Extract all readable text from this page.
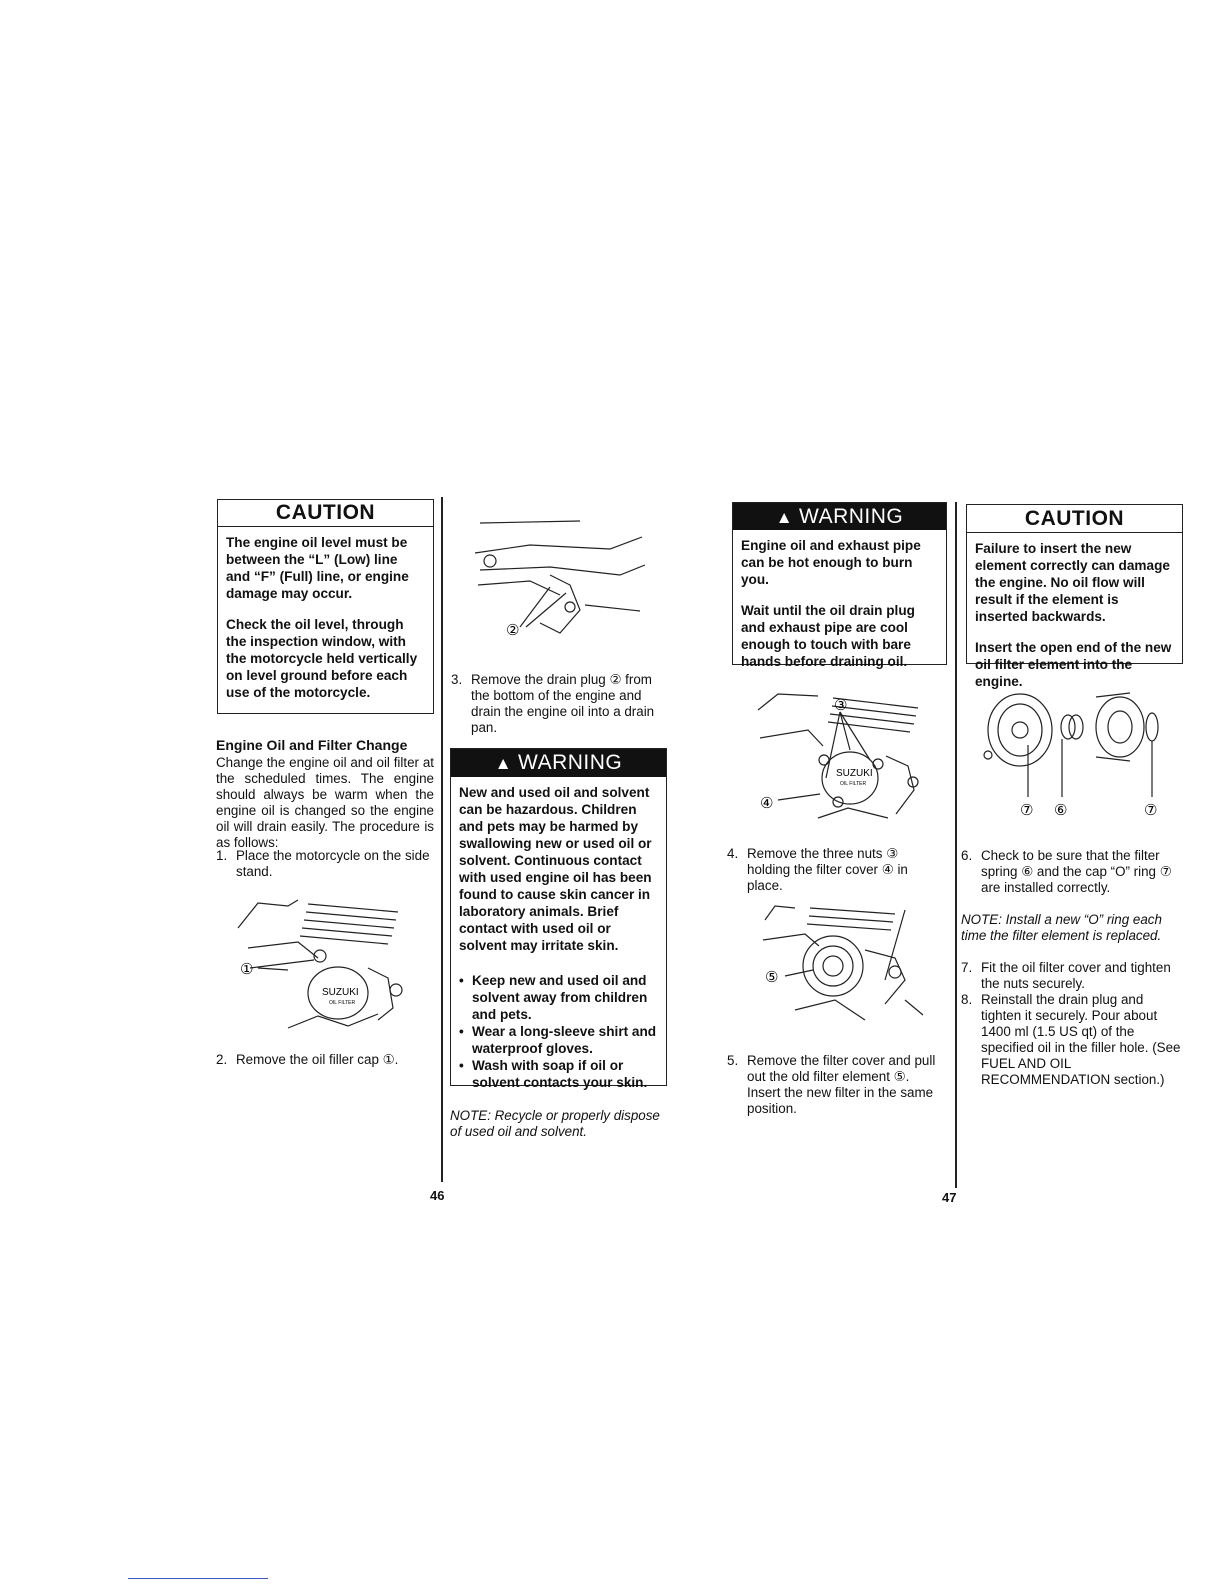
CAUTION

The engine oil level must be between the “L” (Low) line and “F” (Full) line, or engine damage may occur.

Check the oil level, through the inspection window, with the motorcycle held vertically on level ground before each use of the motorcycle.

Engine Oil and Filter Change

Change the engine oil and oil filter at the scheduled times. The engine should always be warm when the engine oil is changed so the engine oil will drain easily. The procedure is as follows:

1. Place the motorcycle on the side stand.
①
SUZUKI
OIL FILTER
2. Remove the oil filler cap ①.
②
3. Remove the drain plug ② from the bottom of the engine and drain the engine oil into a drain pan.
▲ WARNING

New and used oil and solvent can be hazardous. Children and pets may be harmed by swallowing new or used oil or solvent. Continuous contact with used engine oil has been found to cause skin cancer in laboratory animals. Brief contact with used oil or solvent may irritate skin.

• Keep new and used oil and solvent away from children and pets.
• Wear a long-sleeve shirt and waterproof gloves.
• Wash with soap if oil or solvent contacts your skin.
NOTE: Recycle or properly dispose of used oil and solvent.
46
▲ WARNING

Engine oil and exhaust pipe can be hot enough to burn you.

Wait until the oil drain plug and exhaust pipe are cool enough to touch with bare hands before draining oil.

③
④
SUZUKI
OIL FILTER
4. Remove the three nuts ③ holding the filter cover ④ in place.
⑤
5. Remove the filter cover and pull out the old filter element ⑤. Insert the new filter in the same position.
CAUTION

Failure to insert the new element correctly can damage the engine. No oil flow will result if the element is inserted backwards.

Insert the open end of the new oil filter element into the engine.

⑦ ⑥	⑦
6. Check to be sure that the filter spring ⑥ and the cap “O” ring ⑦ are installed correctly.
NOTE: Install a new “O” ring each time the filter element is replaced.
7. Fit the oil filter cover and tighten the nuts securely.
8. Reinstall the drain plug and tighten it securely. Pour about 1400 ml (1.5 US qt) of the specified oil in the filler hole. (See FUEL AND OIL RECOMMENDATION section.)
47
